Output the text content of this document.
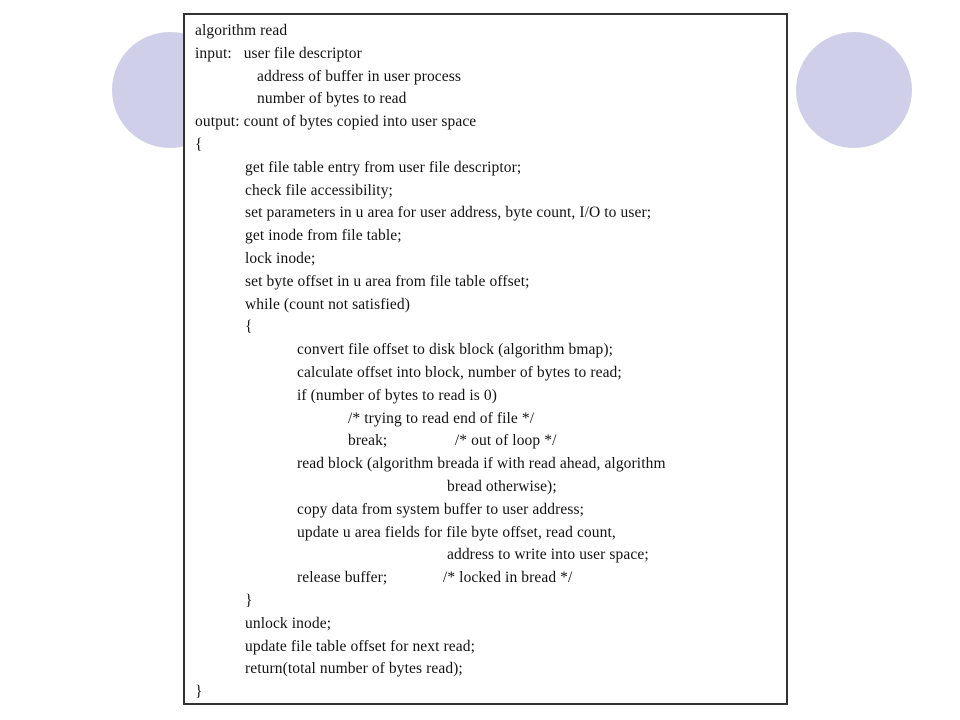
algorithm read
input:   user file descriptor
address of buffer in user process
number of bytes to read
output: count of bytes copied into user space
{
get file table entry from user file descriptor;
check file accessibility;
set parameters in u area for user address, byte count, I/O to user;
get inode from file table;
lock inode;
set byte offset in u area from file table offset;
while (count not satisfied)
{
convert file offset to disk block (algorithm bmap);
calculate offset into block, number of bytes to read;
if (number of bytes to read is 0)
/* trying to read end of file */
break;                 /* out of loop */
read block (algorithm breada if with read ahead, algorithm
bread otherwise);
copy data from system buffer to user address;
update u area fields for file byte offset, read count,
address to write into user space;
release buffer;              /* locked in bread */
}
unlock inode;
update file table offset for next read;
return(total number of bytes read);
}
